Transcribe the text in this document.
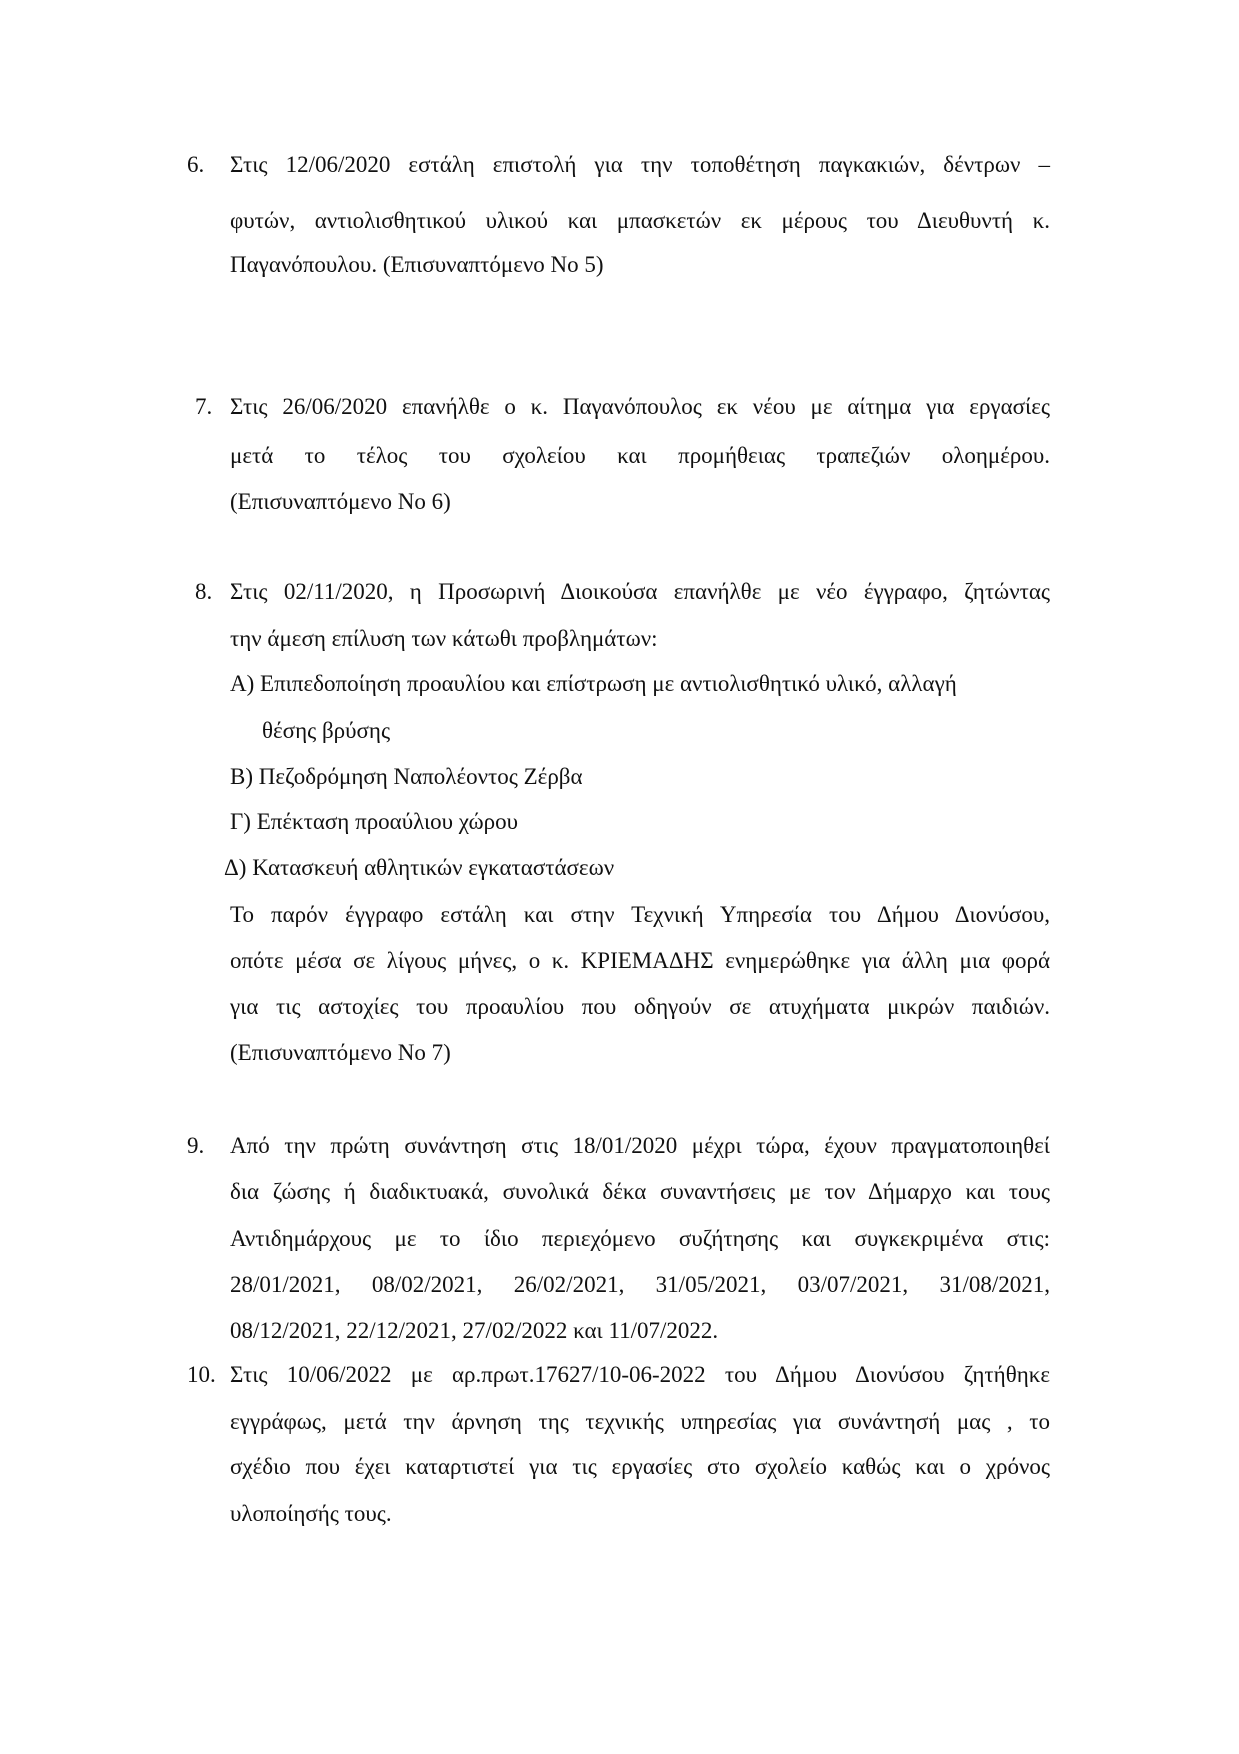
6. Στις 12/06/2020 εστάλη επιστολή για την τοποθέτηση παγκακιών, δέντρων –
φυτών, αντιολισθητικού υλικού και μπασκετών εκ μέρους του Διευθυντή κ.
Παγανόπουλου. (Επισυναπτόμενο Νο 5)
7. Στις 26/06/2020 επανήλθε ο κ. Παγανόπουλος εκ νέου με αίτημα για εργασίες
μετά το τέλος του σχολείου και προμήθειας τραπεζιών ολοημέρου.
(Επισυναπτόμενο Νο 6)
8. Στις 02/11/2020, η Προσωρινή Διοικούσα επανήλθε με νέο έγγραφο, ζητώντας
την άμεση επίλυση των κάτωθι προβλημάτων:
Α) Επιπεδοποίηση προαυλίου και επίστρωση με αντιολισθητικό υλικό, αλλαγή
θέσης βρύσης
Β) Πεζοδρόμηση Ναπολέοντος Ζέρβα
Γ) Επέκταση προαύλιου χώρου
Δ) Κατασκευή αθλητικών εγκαταστάσεων
Το παρόν έγγραφο εστάλη και στην Τεχνική Υπηρεσία του Δήμου Διονύσου,
οπότε μέσα σε λίγους μήνες, ο κ. ΚΡΙΕΜΑΔΗΣ ενημερώθηκε για άλλη μια φορά
για τις αστοχίες του προαυλίου που οδηγούν σε ατυχήματα μικρών παιδιών.
(Επισυναπτόμενο Νο 7)
9. Από την πρώτη συνάντηση στις 18/01/2020 μέχρι τώρα, έχουν πραγματοποιηθεί
δια ζώσης ή διαδικτυακά, συνολικά δέκα συναντήσεις με τον Δήμαρχο και τους
Αντιδημάρχους με το ίδιο περιεχόμενο συζήτησης και συγκεκριμένα στις:
28/01/2021, 08/02/2021, 26/02/2021, 31/05/2021, 03/07/2021, 31/08/2021,
08/12/2021, 22/12/2021, 27/02/2022 και 11/07/2022.
10. Στις 10/06/2022 με αρ.πρωτ.17627/10-06-2022 του Δήμου Διονύσου ζητήθηκε
εγγράφως, μετά την άρνηση της τεχνικής υπηρεσίας για συνάντησή μας , το
σχέδιο που έχει καταρτιστεί για τις εργασίες στο σχολείο καθώς και ο χρόνος
υλοποίησής τους.
